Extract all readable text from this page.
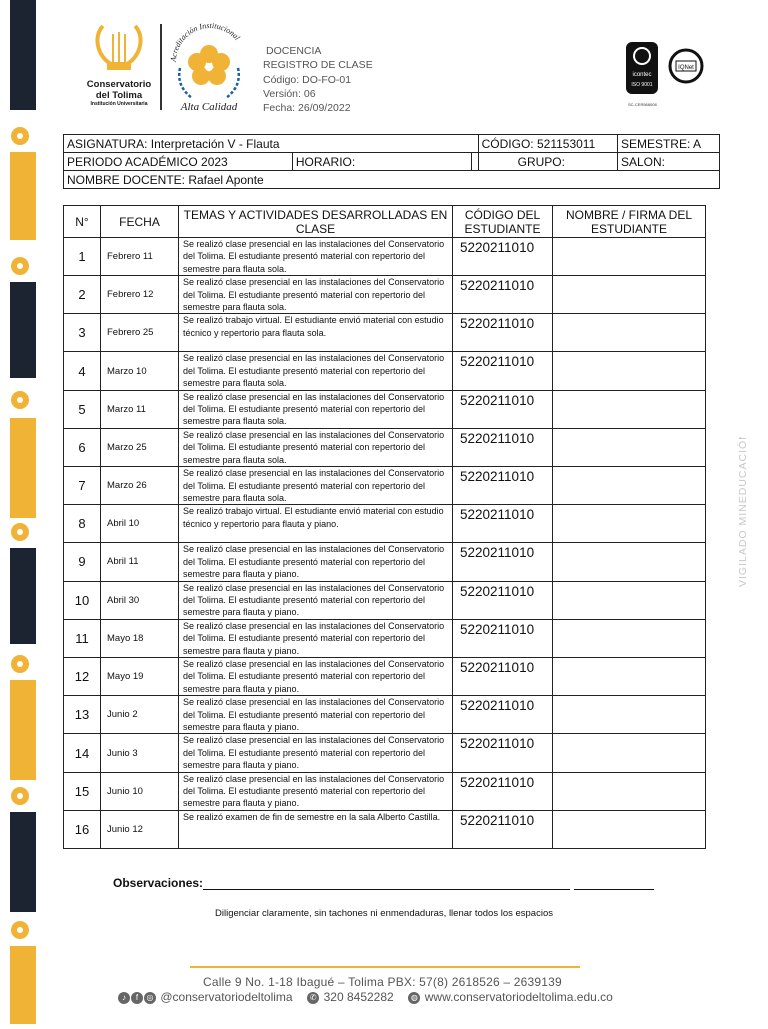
Conservatorio
del Tolima
Institución Universitaria
Acreditación Institucional
Alta Calidad
DOCENCIA
REGISTRO DE CLASE
Código: DO-FO-01
Versión: 06
Fecha: 26/09/2022
icontec
ISO 9001
IQNet
SC-CER568008
ASIGNATURA: Interpretación V - Flauta			CÓDIGO: 521153011	SEMESTRE: A
PERIODO ACADÉMICO 2023	HORARIO:		GRUPO:	SALON:
NOMBRE DOCENTE: Rafael Aponte				
N°	FECHA	TEMAS Y ACTIVIDADES DESARROLLADAS EN CLASE	CÓDIGO DEL ESTUDIANTE	NOMBRE / FIRMA DEL ESTUDIANTE
1	Febrero 11	Se realizó clase presencial en las instalaciones del Conservatorio del Tolima. El estudiante presentó material con repertorio del semestre para flauta sola.	5220211010	
2	Febrero 12	Se realizó clase presencial en las instalaciones del Conservatorio del Tolima. El estudiante presentó material con repertorio del semestre para flauta sola.	5220211010	
3	Febrero 25	Se realizó trabajo virtual. El estudiante envió material con estudio técnico y repertorio para flauta sola.	5220211010	
4	Marzo 10	Se realizó clase presencial en las instalaciones del Conservatorio del Tolima. El estudiante presentó material con repertorio del semestre para flauta sola.	5220211010	
5	Marzo 11	Se realizó clase presencial en las instalaciones del Conservatorio del Tolima. El estudiante presentó material con repertorio del semestre para flauta sola.	5220211010	
6	Marzo 25	Se realizó clase presencial en las instalaciones del Conservatorio del Tolima. El estudiante presentó material con repertorio del semestre para flauta sola.	5220211010	
7	Marzo 26	Se realizó clase presencial en las instalaciones del Conservatorio del Tolima. El estudiante presentó material con repertorio del semestre para flauta sola.	5220211010	
8	Abril 10	Se realizó trabajo virtual. El estudiante envió material con estudio técnico y repertorio para flauta y piano.	5220211010	
9	Abril 11	Se realizó clase presencial en las instalaciones del Conservatorio del Tolima. El estudiante presentó material con repertorio del semestre para flauta y piano.	5220211010	
10	Abril 30	Se realizó clase presencial en las instalaciones del Conservatorio del Tolima. El estudiante presentó material con repertorio del semestre para flauta y piano.	5220211010	
11	Mayo 18	Se realizó clase presencial en las instalaciones del Conservatorio del Tolima. El estudiante presentó material con repertorio del semestre para flauta y piano.	5220211010	
12	Mayo 19	Se realizó clase presencial en las instalaciones del Conservatorio del Tolima. El estudiante presentó material con repertorio del semestre para flauta y piano.	5220211010	
13	Junio 2	Se realizó clase presencial en las instalaciones del Conservatorio del Tolima. El estudiante presentó material con repertorio del semestre para flauta y piano.	5220211010	
14	Junio 3	Se realizó clase presencial en las instalaciones del Conservatorio del Tolima. El estudiante presentó material con repertorio del semestre para flauta y piano.	5220211010	
15	Junio 10	Se realizó clase presencial en las instalaciones del Conservatorio del Tolima. El estudiante presentó material con repertorio del semestre para flauta y piano.	5220211010	
16	Junio 12	Se realizó examen de fin de semestre en la sala Alberto Castilla.	5220211010	
Observaciones:
Diligenciar claramente, sin tachones ni enmendaduras, llenar todos los espacios
VIGILADO MINEDUCACIÓN
Calle 9 No. 1-18 Ibagué – Tolima PBX: 57(8) 2618526 – 2639139
♪ f ◎ @conservatoriodeltolima ✆ 320 8452282 ◍ www.conservatoriodeltolima.edu.co
